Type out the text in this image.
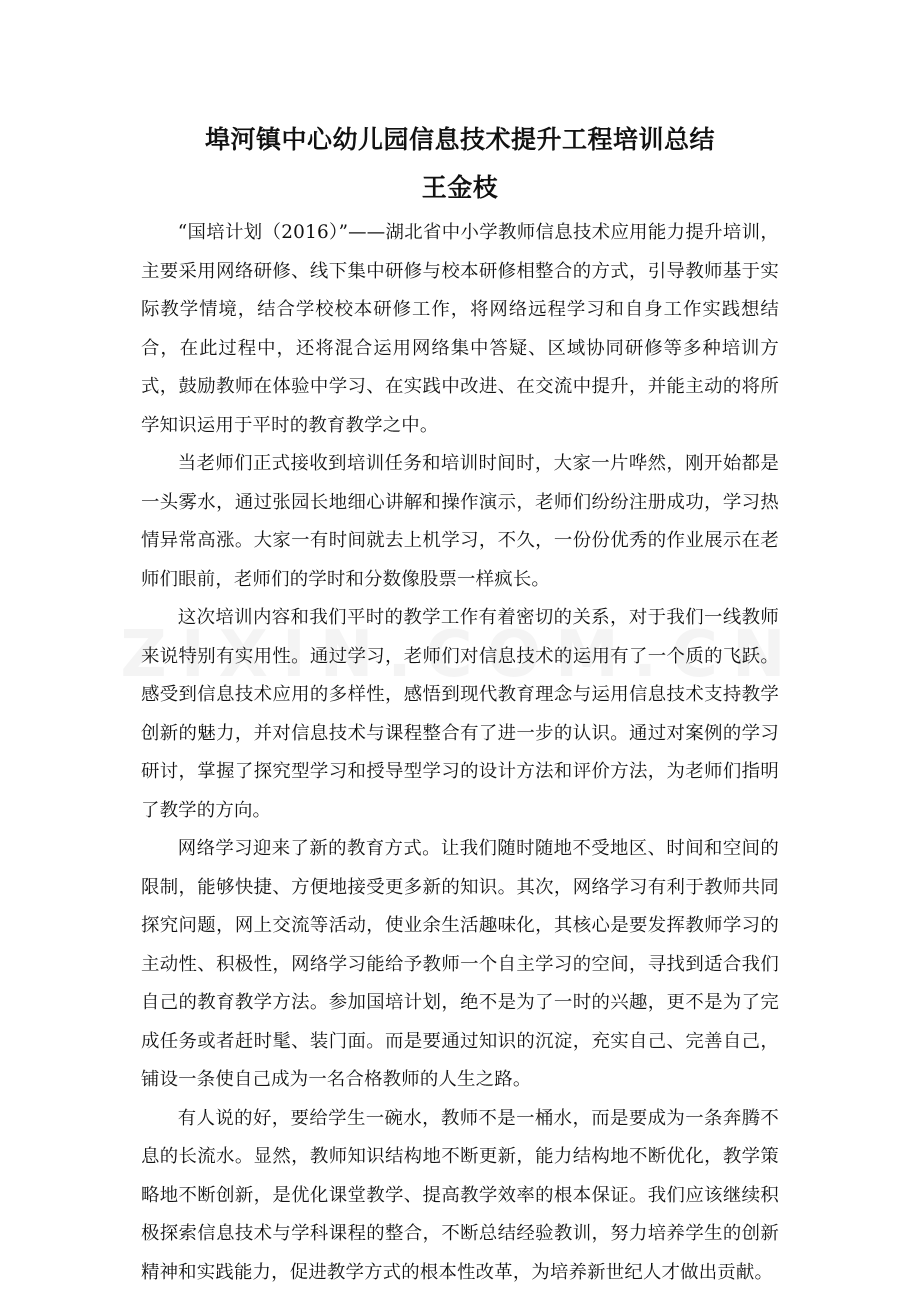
埠河镇中心幼儿园信息技术提升工程培训总结
王金枝

“国培计划（2016）”——湖北省中小学教师信息技术应用能力提升培训，主要采用网络研修、线下集中研修与校本研修相整合的方式，引导教师基于实际教学情境，结合学校校本研修工作，将网络远程学习和自身工作实践想结合，在此过程中，还将混合运用网络集中答疑、区域协同研修等多种培训方式，鼓励教师在体验中学习、在实践中改进、在交流中提升，并能主动的将所学知识运用于平时的教育教学之中。

当老师们正式接收到培训任务和培训时间时，大家一片哗然，刚开始都是一头雾水，通过张园长地细心讲解和操作演示，老师们纷纷注册成功，学习热情异常高涨。大家一有时间就去上机学习，不久，一份份优秀的作业展示在老师们眼前，老师们的学时和分数像股票一样疯长。

这次培训内容和我们平时的教学工作有着密切的关系，对于我们一线教师来说特别有实用性。通过学习，老师们对信息技术的运用有了一个质的飞跃。感受到信息技术应用的多样性，感悟到现代教育理念与运用信息技术支持教学创新的魅力，并对信息技术与课程整合有了进一步的认识。通过对案例的学习研讨，掌握了探究型学习和授导型学习的设计方法和评价方法，为老师们指明了教学的方向。

网络学习迎来了新的教育方式。让我们随时随地不受地区、时间和空间的限制，能够快捷、方便地接受更多新的知识。其次，网络学习有利于教师共同探究问题，网上交流等活动，使业余生活趣味化，其核心是要发挥教师学习的主动性、积极性，网络学习能给予教师一个自主学习的空间，寻找到适合我们自己的教育教学方法。参加国培计划，绝不是为了一时的兴趣，更不是为了完成任务或者赶时髦、装门面。而是要通过知识的沉淀，充实自己、完善自己，铺设一条使自己成为一名合格教师的人生之路。

有人说的好，要给学生一碗水，教师不是一桶水，而是要成为一条奔腾不息的长流水。显然，教师知识结构地不断更新，能力结构地不断优化，教学策略地不断创新，是优化课堂教学、提高教学效率的根本保证。我们应该继续积极探索信息技术与学科课程的整合，不断总结经验教训，努力培养学生的创新精神和实践能力，促进教学方式的根本性改革，为培养新世纪人才做出贡献。
